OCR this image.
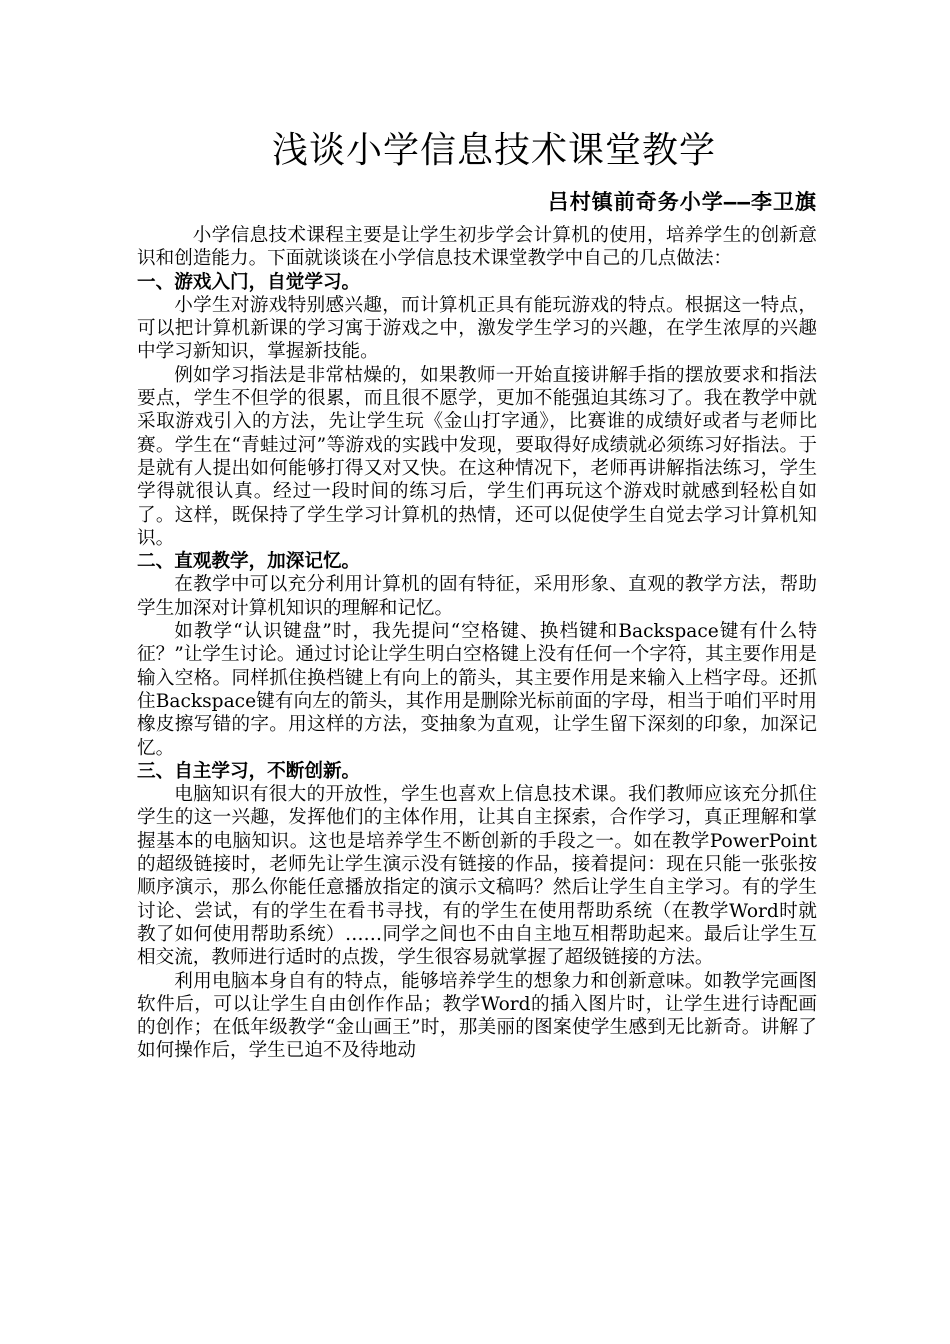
浅谈小学信息技术课堂教学
吕村镇前奇务小学——李卫旗

小学信息技术课程主要是让学生初步学会计算机的使用，培养学生的创新意识和创造能力。下面就谈谈在小学信息技术课堂教学中自己的几点做法：

一、游戏入门，自觉学习。

小学生对游戏特别感兴趣，而计算机正具有能玩游戏的特点。根据这一特点，可以把计算机新课的学习寓于游戏之中，激发学生学习的兴趣，在学生浓厚的兴趣中学习新知识，掌握新技能。

例如学习指法是非常枯燥的，如果教师一开始直接讲解手指的摆放要求和指法要点，学生不但学的很累，而且很不愿学，更加不能强迫其练习了。我在教学中就采取游戏引入的方法，先让学生玩《金山打字通》，比赛谁的成绩好或者与老师比赛。学生在“青蛙过河”等游戏的实践中发现，要取得好成绩就必须练习好指法。于是就有人提出如何能够打得又对又快。在这种情况下，老师再讲解指法练习，学生学得就很认真。经过一段时间的练习后，学生们再玩这个游戏时就感到轻松自如了。这样，既保持了学生学习计算机的热情，还可以促使学生自觉去学习计算机知识。

二、直观教学，加深记忆。

在教学中可以充分利用计算机的固有特征，采用形象、直观的教学方法，帮助学生加深对计算机知识的理解和记忆。

如教学“认识键盘”时，我先提问“空格键、换档键和Backspace键有什么特征？”让学生讨论。通过讨论让学生明白空格键上没有任何一个字符，其主要作用是输入空格。同样抓住换档键上有向上的箭头，其主要作用是来输入上档字母。还抓住Backspace键有向左的箭头，其作用是删除光标前面的字母，相当于咱们平时用橡皮擦写错的字。用这样的方法，变抽象为直观，让学生留下深刻的印象，加深记忆。

三、自主学习，不断创新。

电脑知识有很大的开放性，学生也喜欢上信息技术课。我们教师应该充分抓住学生的这一兴趣，发挥他们的主体作用，让其自主探索，合作学习，真正理解和掌握基本的电脑知识。这也是培养学生不断创新的手段之一。如在教学PowerPoint的超级链接时，老师先让学生演示没有链接的作品，接着提问：现在只能一张张按顺序演示，那么你能任意播放指定的演示文稿吗？然后让学生自主学习。有的学生讨论、尝试，有的学生在看书寻找，有的学生在使用帮助系统（在教学Word时就教了如何使用帮助系统）……同学之间也不由自主地互相帮助起来。最后让学生互相交流，教师进行适时的点拨，学生很容易就掌握了超级链接的方法。

利用电脑本身自有的特点，能够培养学生的想象力和创新意味。如教学完画图软件后，可以让学生自由创作作品；教学Word的插入图片时，让学生进行诗配画的创作；在低年级教学“金山画王”时，那美丽的图案使学生感到无比新奇。讲解了如何操作后，学生已迫不及待地动
